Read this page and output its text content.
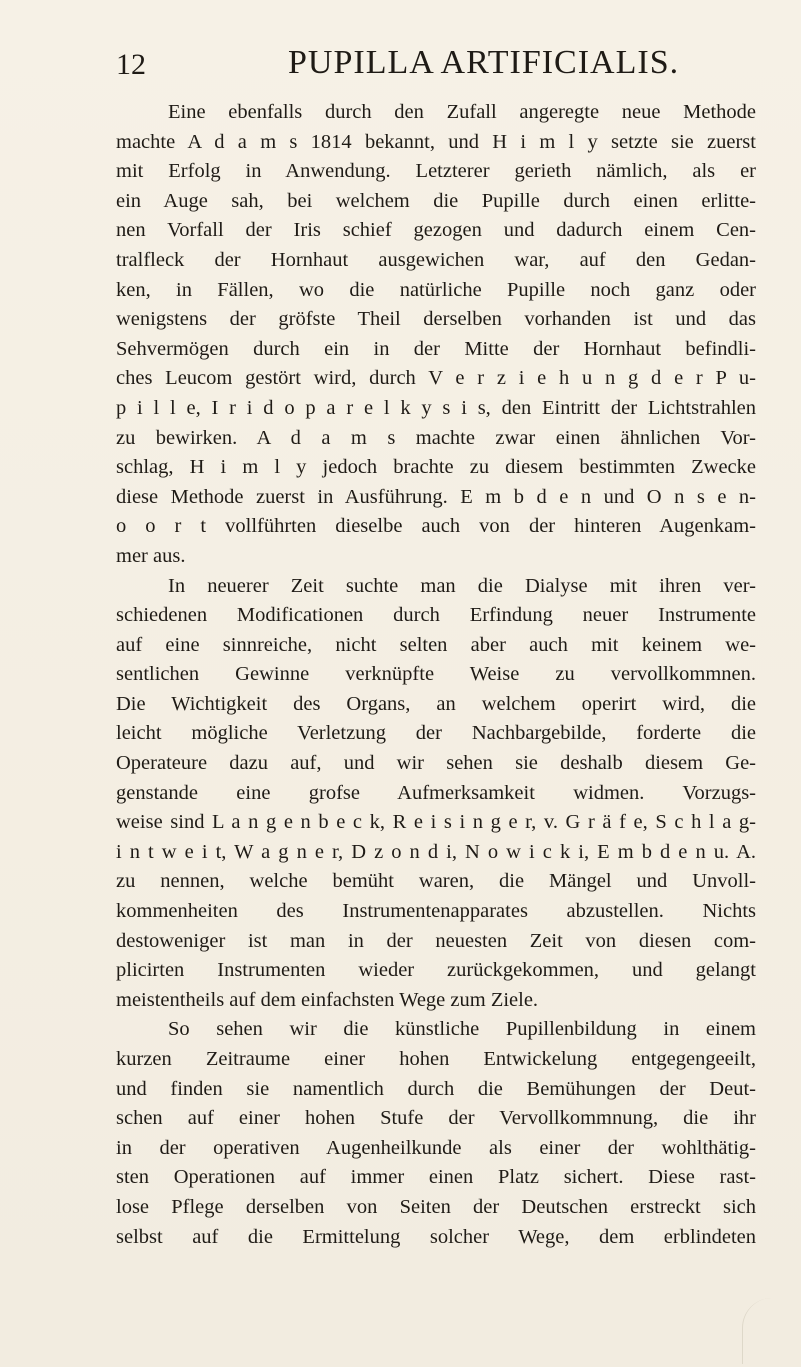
12	PUPILLA ARTIFICIALIS.
Eine ebenfalls durch den Zufall angeregte neue Methode
machte A d a m s 1814 bekannt, und H i m l y setzte sie zuerst
mit Erfolg in Anwendung. Letzterer gerieth nämlich, als er
ein Auge sah, bei welchem die Pupille durch einen erlitte-
nen Vorfall der Iris schief gezogen und dadurch einem Cen-
tralfleck der Hornhaut ausgewichen war, auf den Gedan-
ken, in Fällen, wo die natürliche Pupille noch ganz oder
wenigstens der gröfste Theil derselben vorhanden ist und das
Sehvermögen durch ein in der Mitte der Hornhaut befindli-
ches Leucom gestört wird, durch V e r z i e h u n g d e r P u-
p i l l e, I r i d o p a r e l k y s i s, den Eintritt der Lichtstrahlen
zu bewirken. A d a m s machte zwar einen ähnlichen Vor-
schlag, H i m l y jedoch brachte zu diesem bestimmten Zwecke
diese Methode zuerst in Ausführung. E m b d e n und O n s e n-
o o r t vollführten dieselbe auch von der hinteren Augenkam-
mer aus.
In neuerer Zeit suchte man die Dialyse mit ihren ver-
schiedenen Modificationen durch Erfindung neuer Instrumente
auf eine sinnreiche, nicht selten aber auch mit keinem we-
sentlichen Gewinne verknüpfte Weise zu vervollkommnen.
Die Wichtigkeit des Organs, an welchem operirt wird, die
leicht mögliche Verletzung der Nachbargebilde, forderte die
Operateure dazu auf, und wir sehen sie deshalb diesem Ge-
genstande eine grofse Aufmerksamkeit widmen. Vorzugs-
weise sind L a n g e n b e c k, R e i s i n g e r, v. G r ä f e, S c h l a g-
i n t w e i t, W a g n e r, D z o n d i, N o w i c k i, E m b d e n u. A.
zu nennen, welche bemüht waren, die Mängel und Unvoll-
kommenheiten des Instrumentenapparates abzustellen. Nichts
destoweniger ist man in der neuesten Zeit von diesen com-
plicirten Instrumenten wieder zurückgekommen, und gelangt
meistentheils auf dem einfachsten Wege zum Ziele.
So sehen wir die künstliche Pupillenbildung in einem
kurzen Zeitraume einer hohen Entwickelung entgegengeeilt,
und finden sie namentlich durch die Bemühungen der Deut-
schen auf einer hohen Stufe der Vervollkommnung, die ihr
in der operativen Augenheilkunde als einer der wohlthätig-
sten Operationen auf immer einen Platz sichert. Diese rast-
lose Pflege derselben von Seiten der Deutschen erstreckt sich
selbst auf die Ermittelung solcher Wege, dem erblindeten
